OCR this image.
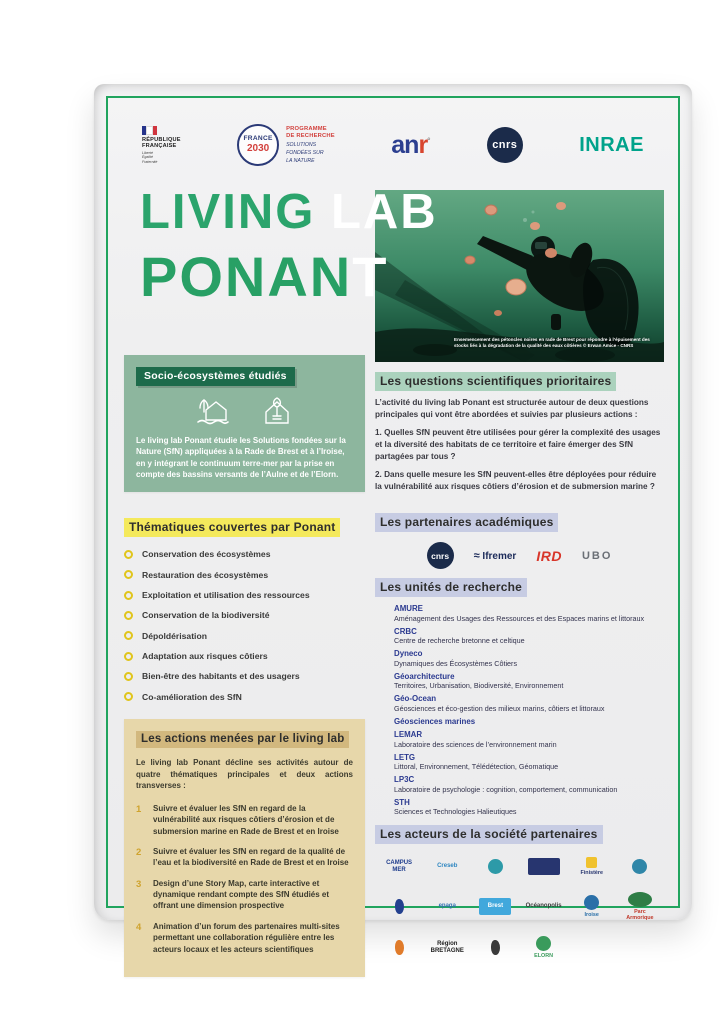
RÉPUBLIQUE
FRANÇAISE
Liberté
Égalité
Fraternité
FRANCE
2030
PROGRAMME
DE RECHERCHE
SOLUTIONS
FONDÉES SUR
LA NATURE
anr°	cnrs	INRAE
Ensemencement des pétoncles noires en rade de Brest pour répondre à l’épuisement des stocks liés à la dégradation de la qualité des eaux côtières © Erwan Amice - CNRS
LIVING LAB
PONANT
Socio-écosystèmes étudiés
Le living lab Ponant étudie les Solutions fondées sur la Nature (SfN) appliquées à la Rade de Brest et à l’Iroise, en y intégrant le continuum terre-mer par la prise en compte des bassins versants de l’Aulne et de l’Elorn.
Thématiques couvertes par Ponant
Conservation des écosystèmes
Restauration des écosystèmes
Exploitation et utilisation des ressources
Conservation de la biodiversité
Dépoldérisation
Adaptation aux risques côtiers
Bien-être des habitants et des usagers
Co-amélioration des SfN
Les actions menées par le living lab
Le living lab Ponant décline ses activités autour de quatre thématiques principales et deux actions transverses :
1	Suivre et évaluer les SfN en regard de la vulnérabilité aux risques côtiers d’érosion et de submersion marine en Rade de Brest et en Iroise
2	Suivre et évaluer les SfN en regard de la qualité de l’eau et la biodiversité en Rade de Brest et en Iroise
3	Design d’une Story Map, carte interactive et dynamique rendant compte des SfN étudiés et offrant une dimension prospective
4	Animation d’un forum des partenaires multi-sites permettant une collaboration régulière entre les acteurs locaux et les acteurs scientifiques
Les questions scientifiques prioritaires

L’activité du living lab Ponant est structurée autour de deux questions principales qui vont être abordées et suivies par plusieurs actions :

1. Quelles SfN peuvent être utilisées pour gérer la complexité des usages et la diversité des habitats de ce territoire et faire émerger des SfN partagées par tous ?

2. Dans quelle mesure les SfN peuvent-elles être déployées pour réduire la vulnérabilité aux risques côtiers d’érosion et de submersion marine ?

Les partenaires académiques
cnrs ≈ Ifremer IRD UBO
Les unités de recherche
AMURE
Aménagement des Usages des Ressources et des Espaces marins et littoraux
CRBC
Centre de recherche bretonne et celtique
Dyneco
Dynamiques des Écosystèmes Côtiers
Géoarchitecture
Territoires, Urbanisation, Biodiversité, Environnement
Géo-Ocean
Géosciences et éco-gestion des milieux marins, côtiers et littoraux
Géosciences marines
LEMAR
Laboratoire des sciences de l’environnement marin
LETG
Littoral, Environnement, Télédétection, Géomatique
LP3C
Laboratoire de psychologie : cognition, comportement, communication
STH
Sciences et Technologies Halieutiques
Les acteurs de la société partenaires
CAMPUS MER
Creseb
Finistère
epaga	Brest	Océanopolis
Iroise
Parc Armorique
Région BRETAGNE
ELORN
